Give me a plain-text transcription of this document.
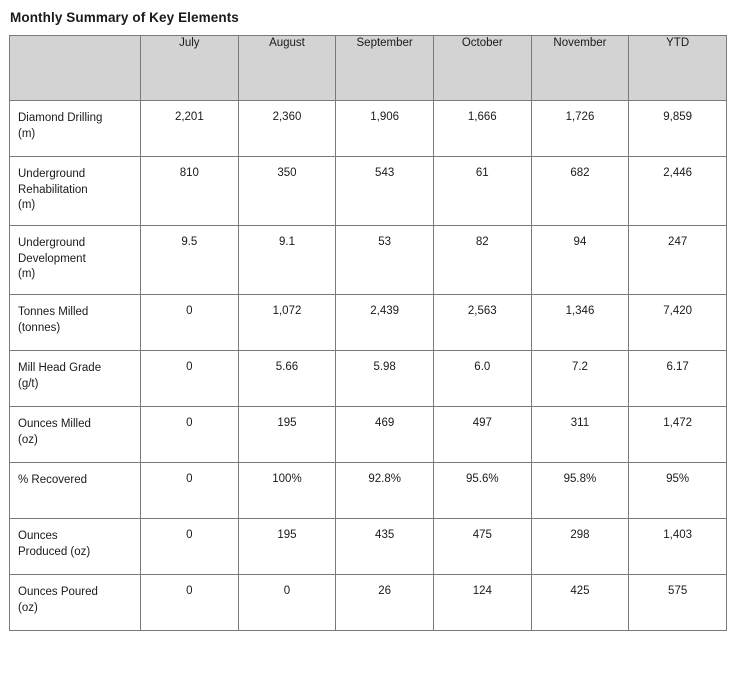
Monthly Summary of Key Elements
	July	August	September	October	November	YTD
Diamond Drilling
(m)	2,201	2,360	1,906	1,666	1,726	9,859
Underground
Rehabilitation
(m)	810	350	543	61	682	2,446
Underground
Development
(m)	9.5	9.1	53	82	94	247
Tonnes Milled
(tonnes)	0	1,072	2,439	2,563	1,346	7,420
Mill Head Grade
(g/t)	0	5.66	5.98	6.0	7.2	6.17
Ounces Milled
(oz)	0	195	469	497	311	1,472
% Recovered	0	100%	92.8%	95.6%	95.8%	95%
Ounces
Produced (oz)	0	195	435	475	298	1,403
Ounces Poured
(oz)	0	0	26	124	425	575
